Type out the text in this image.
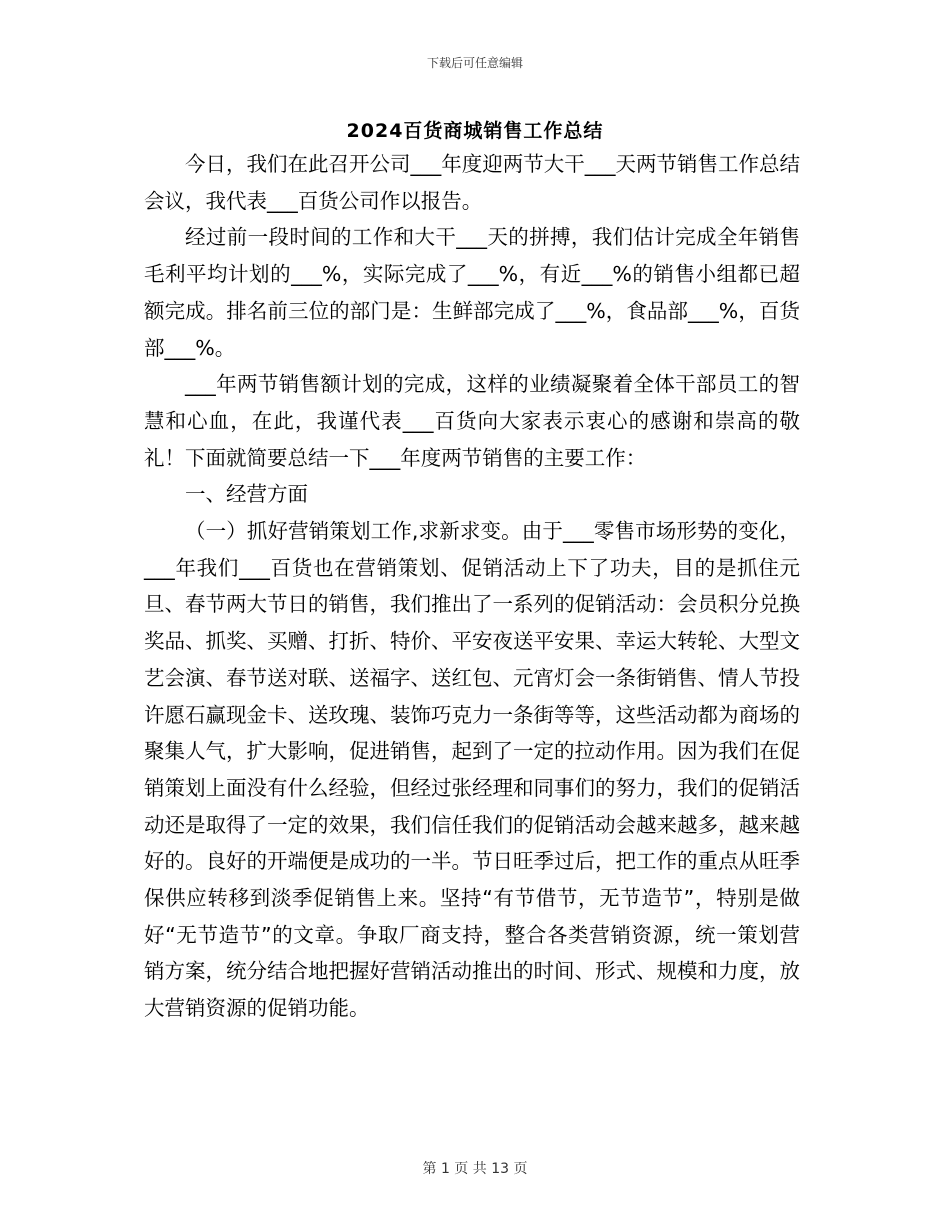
下载后可任意编辑
2024百货商城销售工作总结

今日，我们在此召开公司___年度迎两节大干___天两节销售工作总结会议，我代表___百货公司作以报告。

经过前一段时间的工作和大干___天的拼搏，我们估计完成全年销售毛利平均计划的___%，实际完成了___%，有近___%的销售小组都已超额完成。排名前三位的部门是：生鲜部完成了___%，食品部___%，百货部___%。

___年两节销售额计划的完成，这样的业绩凝聚着全体干部员工的智慧和心血，在此，我谨代表___百货向大家表示衷心的感谢和崇高的敬礼！下面就简要总结一下___年度两节销售的主要工作：

一、经营方面

（一）抓好营销策划工作,求新求变。由于___零售市场形势的变化，___年我们___百货也在营销策划、促销活动上下了功夫，目的是抓住元旦、春节两大节日的销售，我们推出了一系列的促销活动：会员积分兑换奖品、抓奖、买赠、打折、特价、平安夜送平安果、幸运大转轮、大型文艺会演、春节送对联、送福字、送红包、元宵灯会一条街销售、情人节投许愿石赢现金卡、送玫瑰、装饰巧克力一条街等等，这些活动都为商场的聚集人气，扩大影响，促进销售，起到了一定的拉动作用。因为我们在促销策划上面没有什么经验，但经过张经理和同事们的努力，我们的促销活动还是取得了一定的效果，我们信任我们的促销活动会越来越多，越来越好的。良好的开端便是成功的一半。节日旺季过后，把工作的重点从旺季保供应转移到淡季促销售上来。坚持“有节借节，无节造节”，特别是做好“无节造节”的文章。争取厂商支持，整合各类营销资源，统一策划营销方案，统分结合地把握好营销活动推出的时间、形式、规模和力度，放大营销资源的促销功能。

第 1 页 共 13 页
